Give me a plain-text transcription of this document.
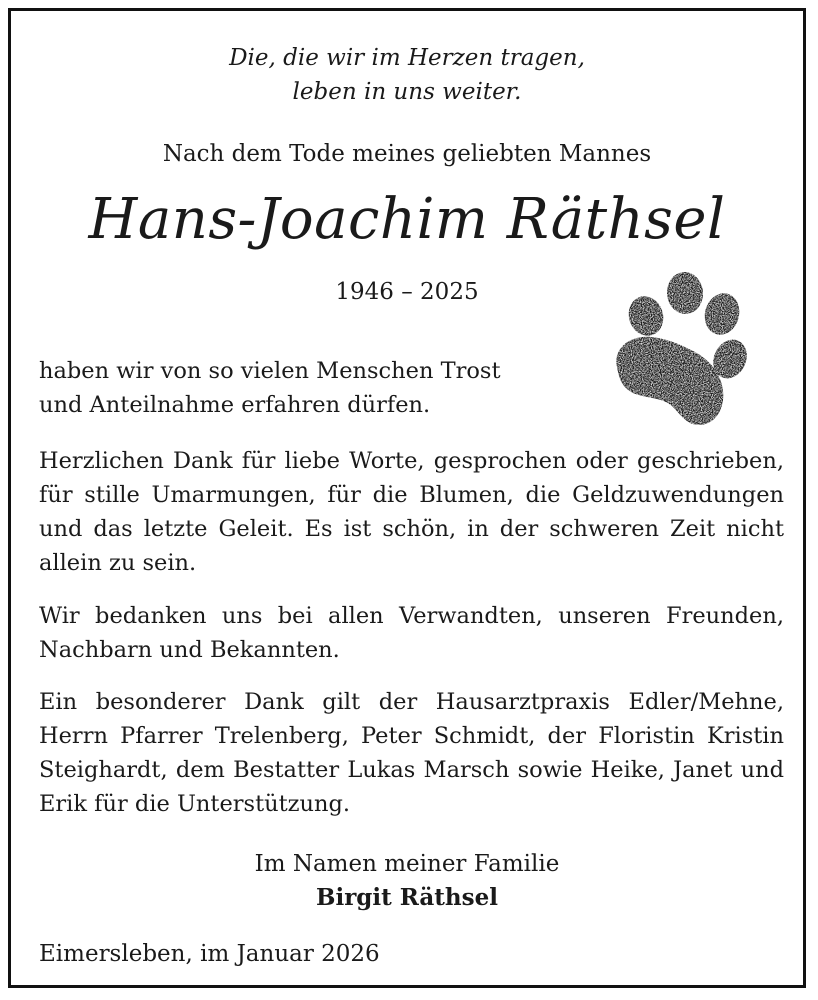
Die, die wir im Herzen tragen,
leben in uns weiter.
Nach dem Tode meines geliebten Mannes
Hans-Joachim Räthsel
1946 – 2025
haben wir von so vielen Menschen Trost
und Anteilnahme erfahren dürfen.
Herzlichen Dank für liebe Worte, gesprochen oder geschrieben, für stille Umarmungen, für die Blumen, die Geldzuwendungen und das letzte Geleit. Es ist schön, in der schweren Zeit nicht allein zu sein.
Wir bedanken uns bei allen Verwandten, unseren Freunden, Nachbarn und Bekannten.
Ein besonderer Dank gilt der Hausarztpraxis Edler/Mehne, Herrn Pfarrer Trelenberg, Peter Schmidt, der Floristin Kristin Steighardt, dem Bestatter Lukas Marsch sowie Heike, Janet und Erik für die Unterstützung.
Im Namen meiner Familie
Birgit Räthsel
Eimersleben, im Januar 2026
